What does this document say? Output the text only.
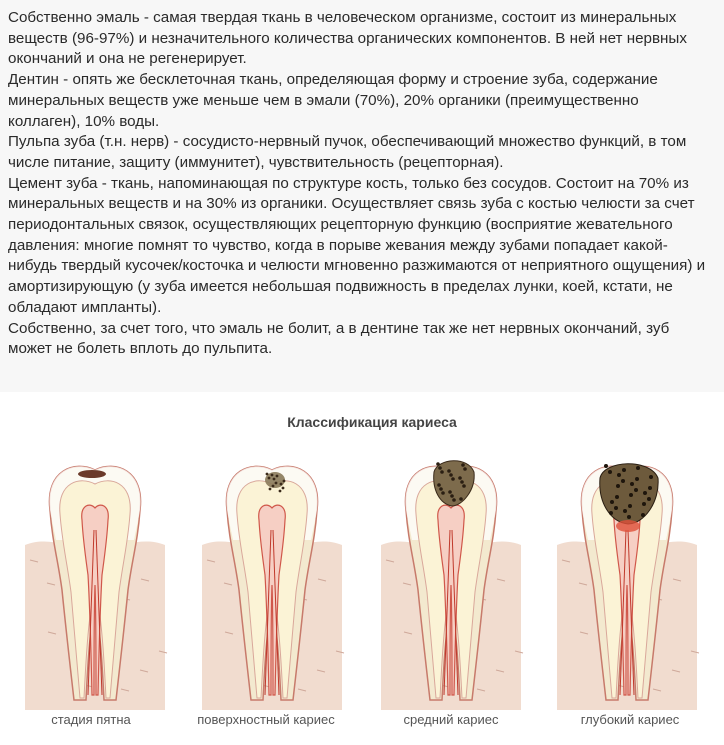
Собственно эмаль - самая твердая ткань в человеческом организме, состоит из минеральных веществ (96-97%) и незначительного количества органических компонентов. В ней нет нервных окончаний и она не регенерирует.

Дентин - опять же бесклеточная ткань, определяющая форму и строение зуба, содержание минеральных веществ уже меньше чем в эмали (70%), 20% органики (преимущественно коллаген), 10% воды.

Пульпа зуба (т.н. нерв) - сосудисто-нервный пучок, обеспечивающий множество функций, в том числе питание, защиту (иммунитет), чувствительность (рецепторная).

Цемент зуба - ткань, напоминающая по структуре кость, только без сосудов. Состоит на 70% из минеральных веществ и на 30% из органики. Осуществляет связь зуба с костью челюсти за счет периодонтальных связок, осуществляющих рецепторную функцию (восприятие жевательного давления: многие помнят то чувство, когда в порыве жевания между зубами попадает какой-нибудь твердый кусочек/косточка и челюсти мгновенно разжимаются от неприятного ощущения) и амортизирующую (у зуба имеется небольшая подвижность в пределах лунки, коей, кстати, не обладают импланты).

Собственно, за счет того, что эмаль не болит, а в дентине так же нет нервных окончаний, зуб может не болеть вплоть до пульпита.

Классификация кариеса
стадия пятна	поверхностный кариес	средний кариес	глубокий кариес
